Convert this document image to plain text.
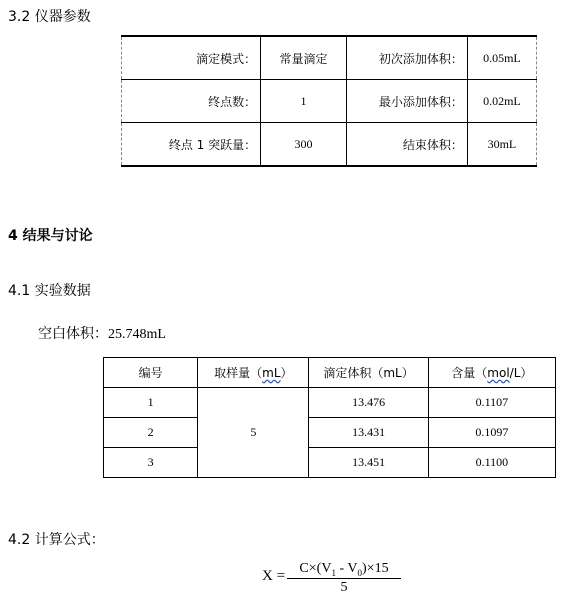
3.2 仪器参数
滴定模式：	常量滴定	初次添加体积：	0.05mL
终点数：	1	最小添加体积：	0.02mL
终点 1 突跃量：	300	结束体积：	30mL
4 结果与讨论
4.1 实验数据
空白体积：25.748mL
编号	取样量（mL）	滴定体积（mL）	含量（mol/L）
1	5	13.476	0.1107
2		13.431	0.1097
3		13.451	0.1100
4.2 计算公式：
X =	$C\times(V_1 - V_0)\times 15$
5
